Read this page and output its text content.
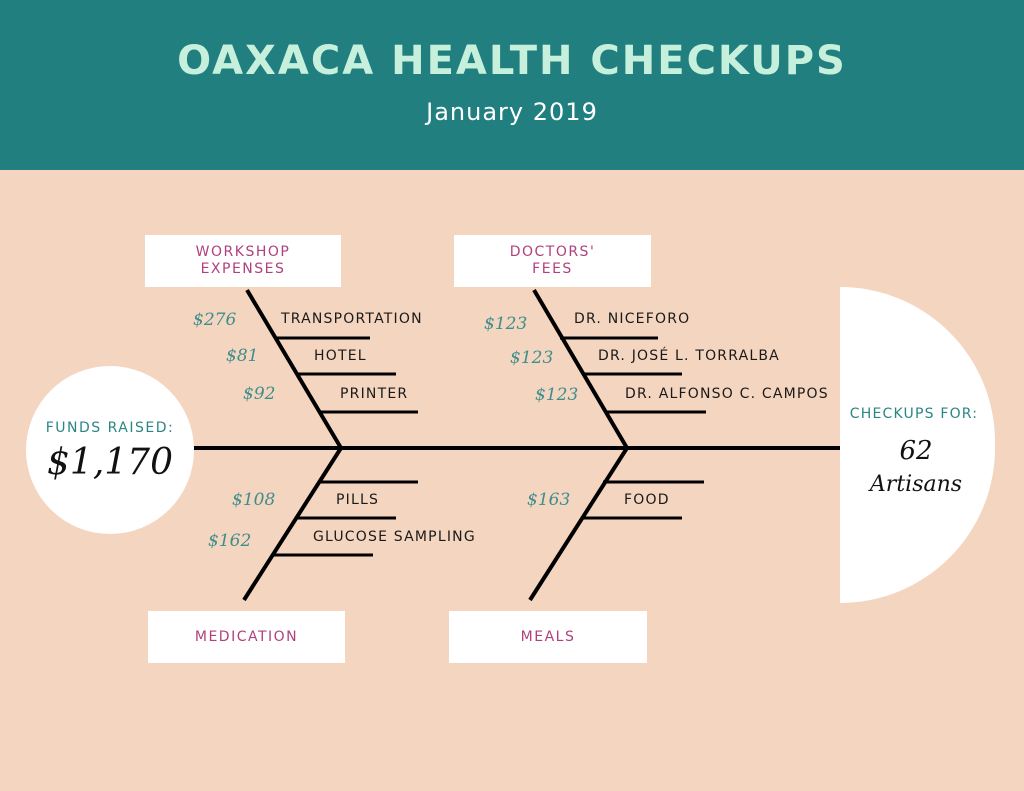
OAXACA HEALTH CHECKUPS
January 2019
WORKSHOP
EXPENSES
DOCTORS'
FEES
MEDICATION	MEALS
$276	TRANSPORTATION
$81	HOTEL
$92	PRINTER
$123	DR. NICEFORO
$123	DR. JOSÉ L. TORRALBA
$123	DR. ALFONSO C. CAMPOS
$108	PILLS
$162	GLUCOSE SAMPLING
$163	FOOD
FUNDS RAISED:
$1,170
CHECKUPS FOR:
62
Artisans
